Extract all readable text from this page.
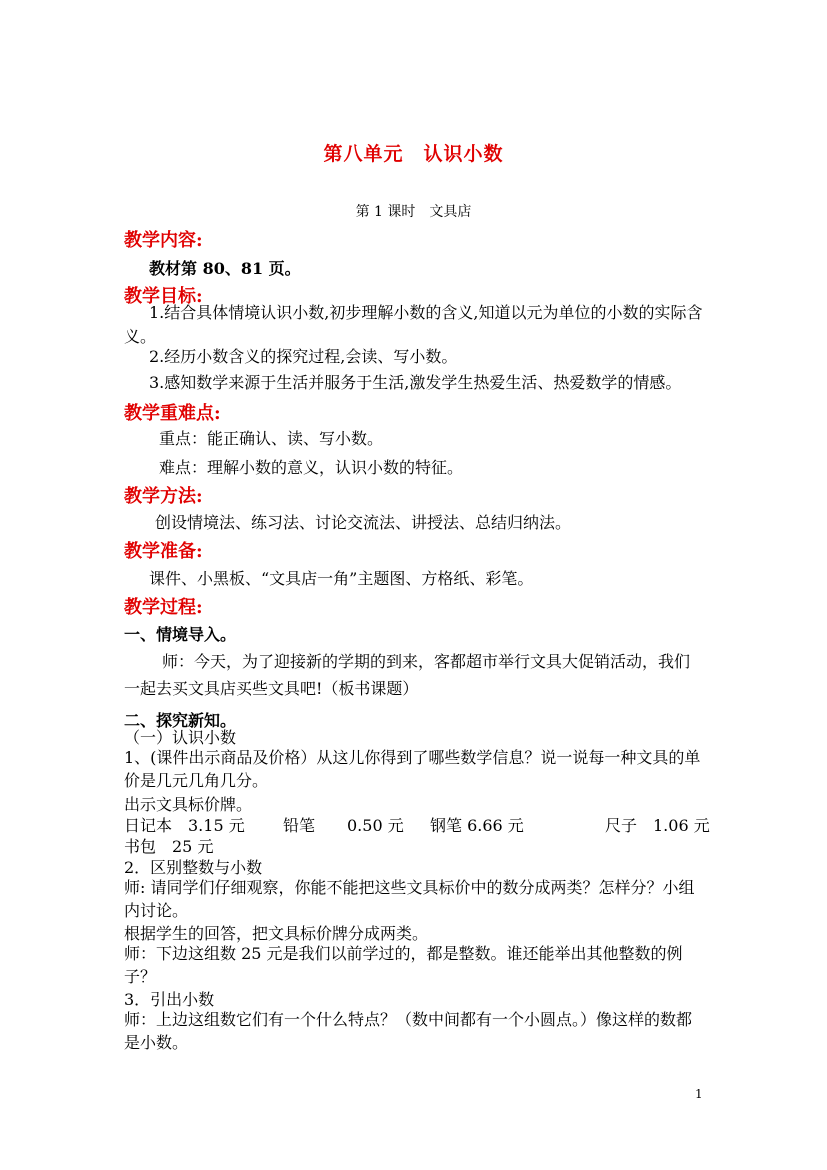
第八单元　认识小数
第 1 课时　文具店
教学内容:
教材第 80、81 页。
教学目标:
1.结合具体情境认识小数,初步理解小数的含义,知道以元为单位的小数的实际含义。
2.经历小数含义的探究过程,会读、写小数。
3.感知数学来源于生活并服务于生活,激发学生热爱生活、热爱数学的情感。
教学重难点:
重点：能正确认、读、写小数。
难点：理解小数的意义，认识小数的特征。
教学方法:
创设情境法、练习法、讨论交流法、讲授法、总结归纳法。
教学准备:
课件、小黑板、“文具店一角”主题图、方格纸、彩笔。
教学过程:
一、情境导入。
师：今天，为了迎接新的学期的到来，客都超市举行文具大促销活动，我们一起去买文具店买些文具吧!（板书课题）
二、探究新知。
（一）认识小数
1、(课件出示商品及价格）从这儿你得到了哪些数学信息？说一说每一种文具的单价是几元几角几分。
出示文具标价牌。
日记本　3.15 元 铅笔　　0.50 元 钢笔 6.66 元	尺子　1.06 元
书包　25 元
2．区别整数与小数
师: 请同学们仔细观察，你能不能把这些文具标价中的数分成两类？怎样分？小组内讨论。
根据学生的回答，把文具标价牌分成两类。
师：下边这组数 25 元是我们以前学过的，都是整数。谁还能举出其他整数的例子？
3．引出小数
师：上边这组数它们有一个什么特点？（数中间都有一个小圆点。）像这样的数都是小数。
1
